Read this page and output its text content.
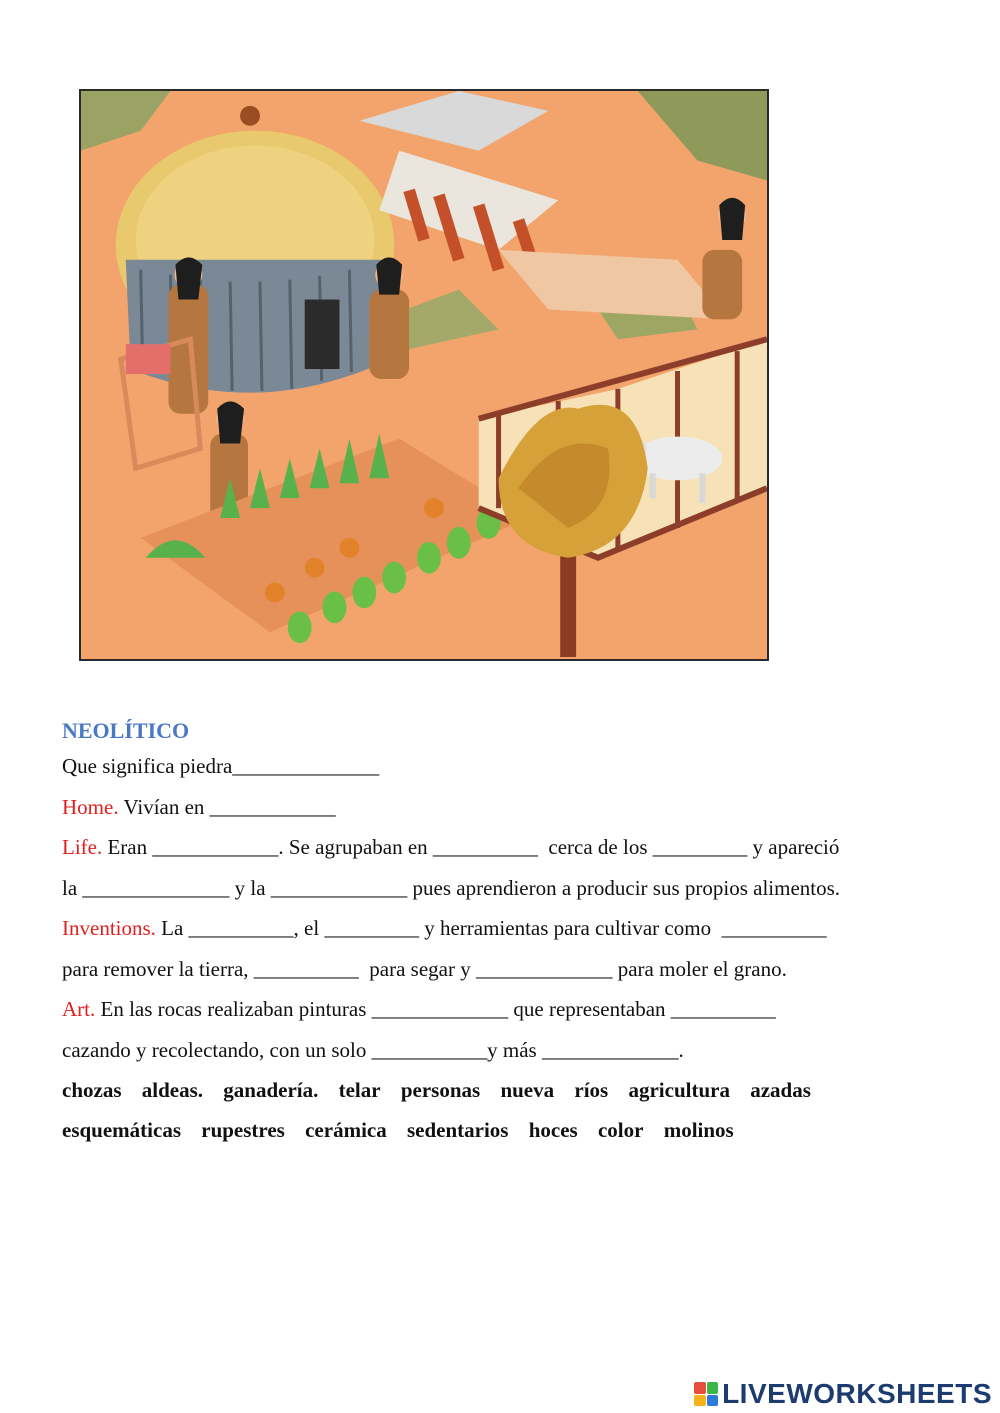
NEOLÍTICO

Que significa piedra______________
Home. Vivían en ____________
Life. Eran ____________. Se agrupaban en __________  cerca de los _________ y apareció
la ______________ y la _____________ pues aprendieron a producir sus propios alimentos.
Inventions. La __________, el _________ y herramientas para cultivar como  __________
para remover la tierra, __________  para segar y _____________ para moler el grano.
Art. En las rocas realizaban pinturas _____________ que representaban __________
cazando y recolectando, con un solo ___________y más _____________.
chozas aldeas. ganadería. telar personas nueva ríos agricultura azadas
esquemáticas rupestres cerámica sedentarios hoces color molinos
LIVEWORKSHEETS
